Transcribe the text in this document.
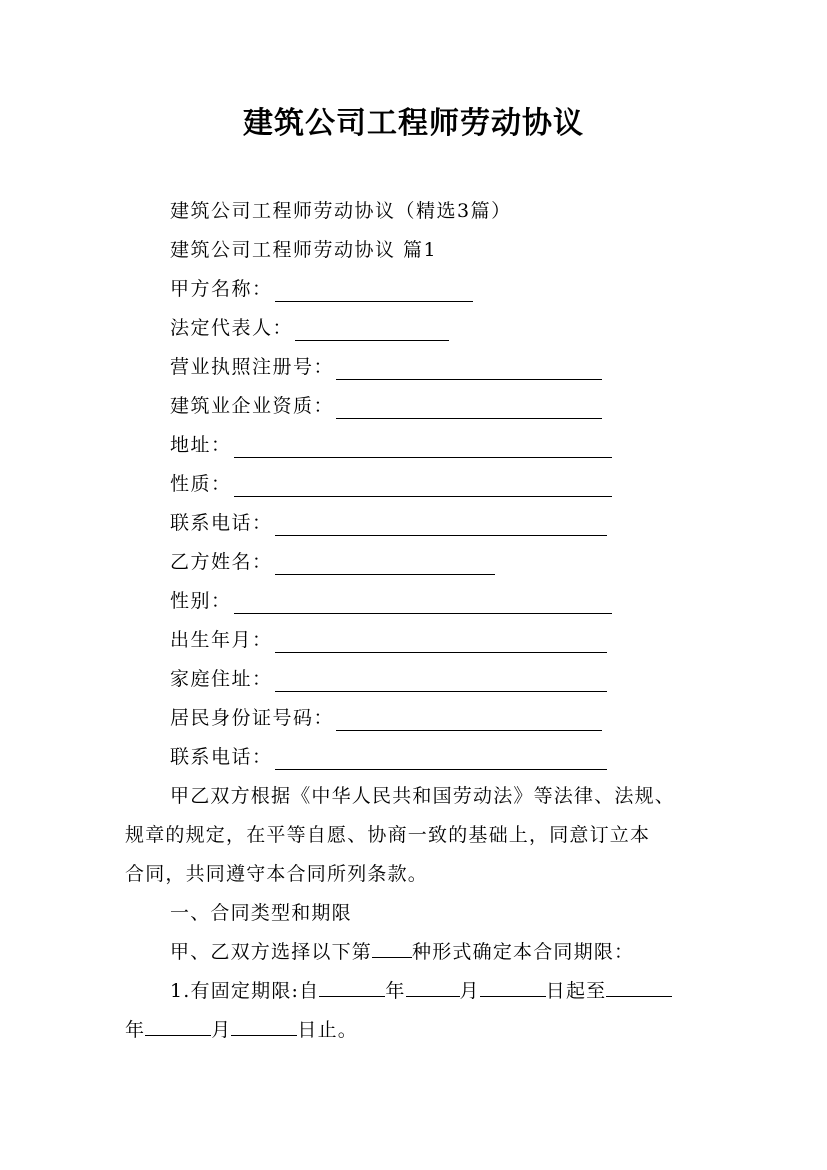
建筑公司工程师劳动协议
建筑公司工程师劳动协议（精选3篇）
建筑公司工程师劳动协议 篇1
甲方名称：
法定代表人：
营业执照注册号：
建筑业企业资质：
地址：
性质：
联系电话：
乙方姓名：
性别：
出生年月：
家庭住址：
居民身份证号码：
联系电话：
甲乙双方根据《中华人民共和国劳动法》等法律、法规、
规章的规定，在平等自愿、协商一致的基础上，同意订立本
合同，共同遵守本合同所列条款。
一、合同类型和期限
甲、乙双方选择以下第 种形式确定本合同期限：
1.有固定期限:自	年	月	日起至
年	月	日止。
